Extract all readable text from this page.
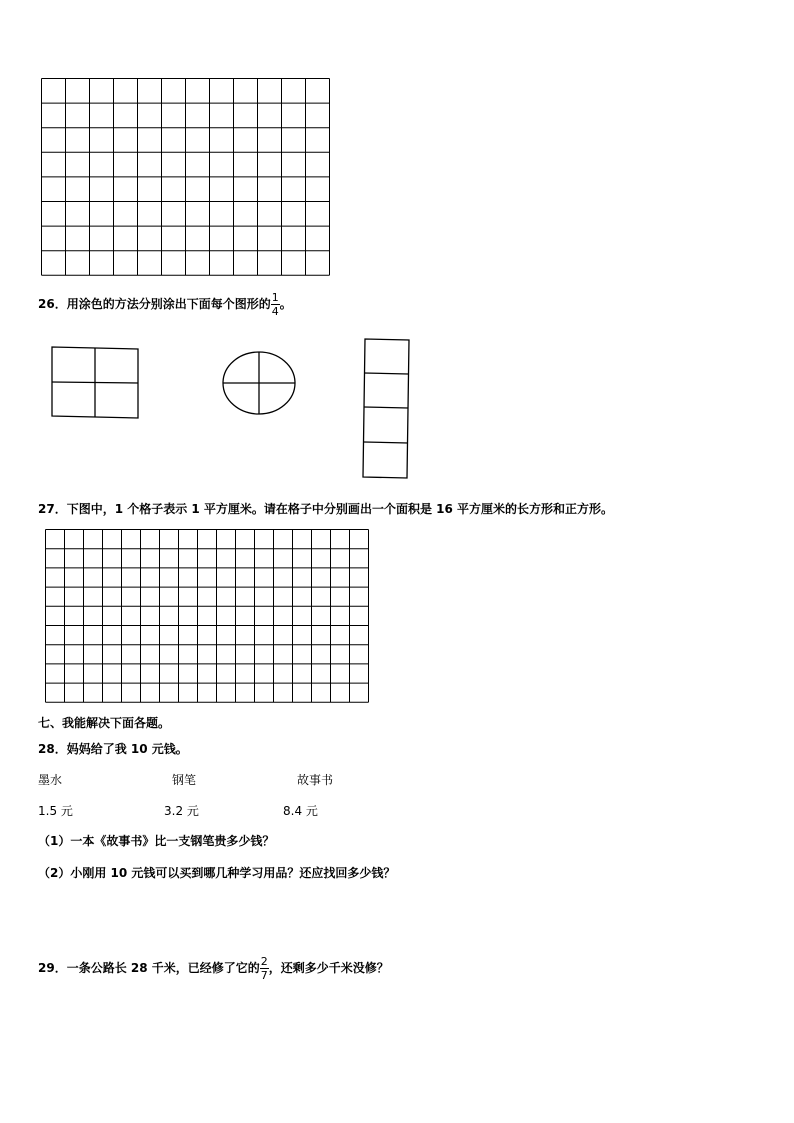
26．用涂色的方法分别涂出下面每个图形的 $\frac{1}{4}$ 。
27．下图中，1 个格子表示 1 平方厘米。请在格子中分别画出一个面积是 16 平方厘米的长方形和正方形。
七、我能解决下面各题。
28．妈妈给了我 10 元钱。
墨水	钢笔	故事书
1.5 元	3.2 元	8.4 元
（1）一本《故事书》比一支钢笔贵多少钱？
（2）小刚用 10 元钱可以买到哪几种学习用品？还应找回多少钱？
29．一条公路长 28 千米，已经修了它的 $\frac{2}{7}$ ，还剩多少千米没修？
